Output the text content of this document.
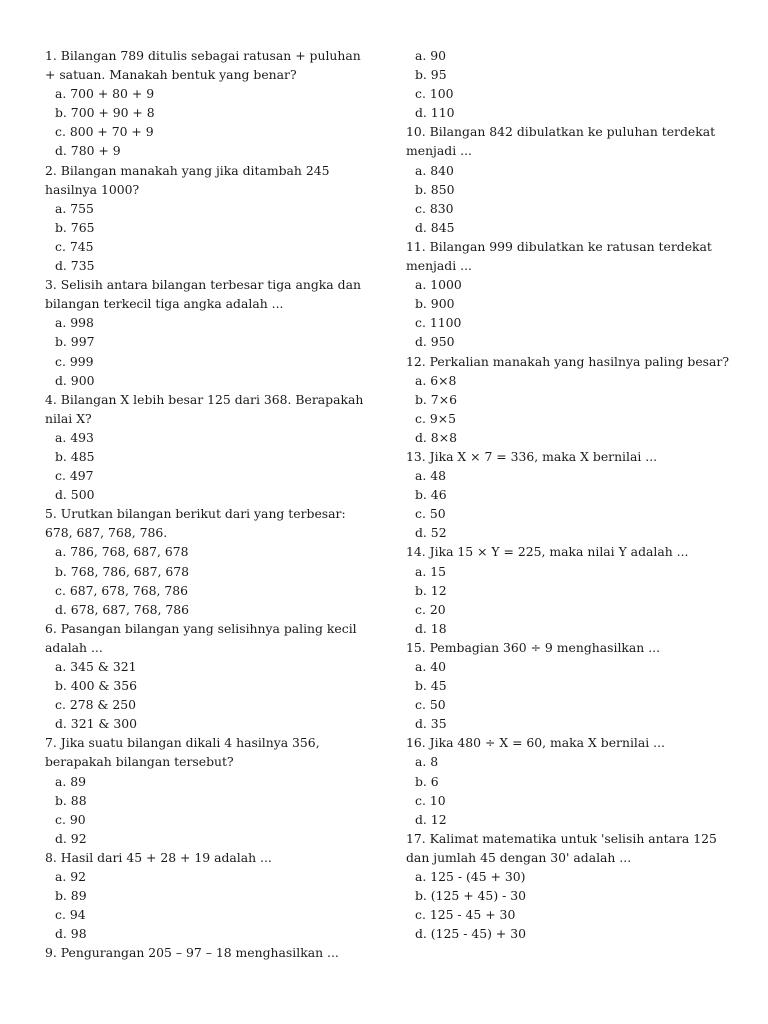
1. Bilangan 789 ditulis sebagai ratusan + puluhan + satuan. Manakah bentuk yang benar?
a. 700 + 80 + 9
b. 700 + 90 + 8
c. 800 + 70 + 9
d. 780 + 9
2. Bilangan manakah yang jika ditambah 245 hasilnya 1000?
a. 755
b. 765
c. 745
d. 735
3. Selisih antara bilangan terbesar tiga angka dan bilangan terkecil tiga angka adalah ...
a. 998
b. 997
c. 999
d. 900
4. Bilangan X lebih besar 125 dari 368. Berapakah nilai X?
a. 493
b. 485
c. 497
d. 500
5. Urutkan bilangan berikut dari yang terbesar: 678, 687, 768, 786.
a. 786, 768, 687, 678
b. 768, 786, 687, 678
c. 687, 678, 768, 786
d. 678, 687, 768, 786
6. Pasangan bilangan yang selisihnya paling kecil adalah ...
a. 345 & 321
b. 400 & 356
c. 278 & 250
d. 321 & 300
7. Jika suatu bilangan dikali 4 hasilnya 356, berapakah bilangan tersebut?
a. 89
b. 88
c. 90
d. 92
8. Hasil dari 45 + 28 + 19 adalah ...
a. 92
b. 89
c. 94
d. 98
9. Pengurangan 205 – 97 – 18 menghasilkan ...
a. 90
b. 95
c. 100
d. 110
10. Bilangan 842 dibulatkan ke puluhan terdekat menjadi ...
a. 840
b. 850
c. 830
d. 845
11. Bilangan 999 dibulatkan ke ratusan terdekat menjadi ...
a. 1000
b. 900
c. 1100
d. 950
12. Perkalian manakah yang hasilnya paling besar?
a. 6×8
b. 7×6
c. 9×5
d. 8×8
13. Jika X × 7 = 336, maka X bernilai ...
a. 48
b. 46
c. 50
d. 52
14. Jika 15 × Y = 225, maka nilai Y adalah ...
a. 15
b. 12
c. 20
d. 18
15. Pembagian 360 ÷ 9 menghasilkan ...
a. 40
b. 45
c. 50
d. 35
16. Jika 480 ÷ X = 60, maka X bernilai ...
a. 8
b. 6
c. 10
d. 12
17. Kalimat matematika untuk 'selisih antara 125 dan jumlah 45 dengan 30' adalah ...
a. 125 - (45 + 30)
b. (125 + 45) - 30
c. 125 - 45 + 30
d. (125 - 45) + 30
